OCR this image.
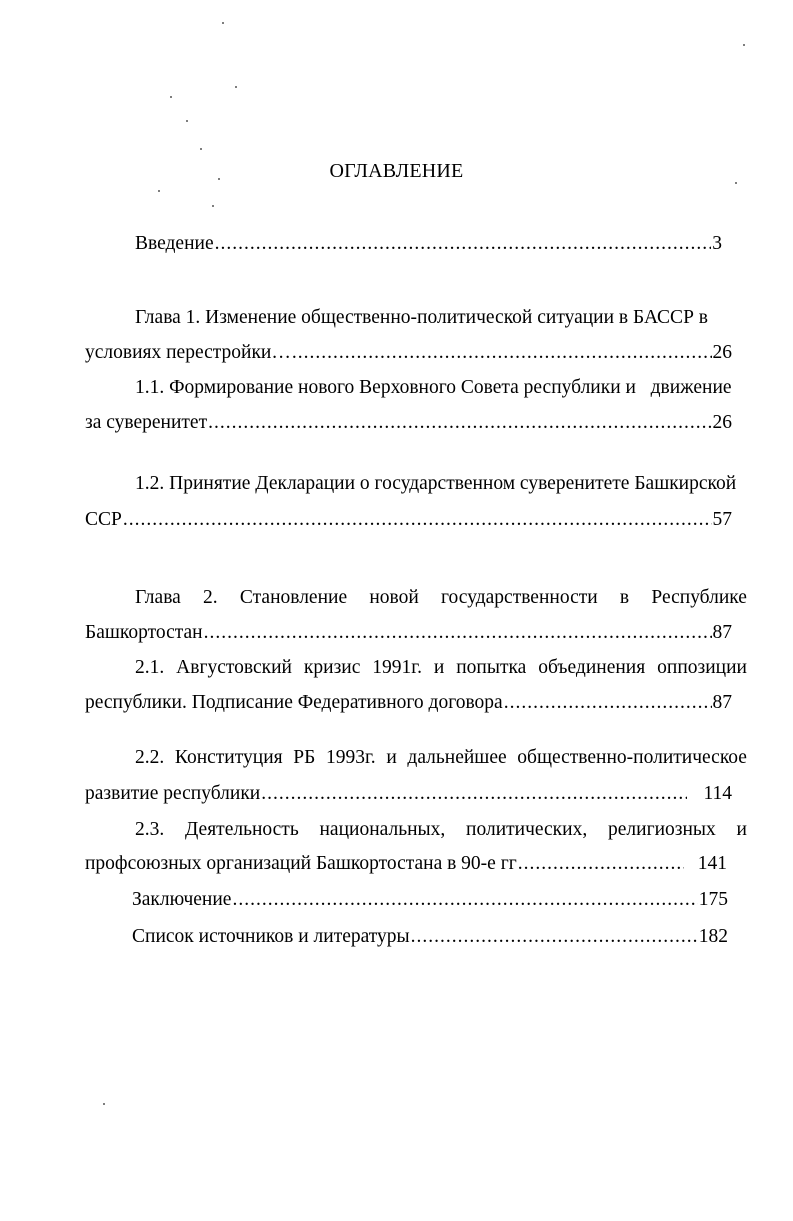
ОГЛАВЛЕНИЕ
Введение .....	3
Глава 1. Изменение общественно-политической ситуации в БАССР в
условиях перестройки… .....	26
1.1. Формирование нового Верховного Совета республики и   движение
за суверенитет .....	26
1.2. Принятие Декларации о государственном суверенитете Башкирской
ССР .....	57
Глава 2. Становление новой государственности в Республике
Башкортостан .....	87
2.1. Августовский кризис 1991г. и попытка объединения оппозиции
республики. Подписание Федеративного договора .....	87
2.2. Конституция РБ 1993г. и дальнейшее общественно-политическое
развитие республики .....	114
2.3. Деятельность национальных, политических, религиозных и
профсоюзных организаций Башкортостана в 90-е гг .....	141
Заключение .....	175
Список источников и литературы .....	182
